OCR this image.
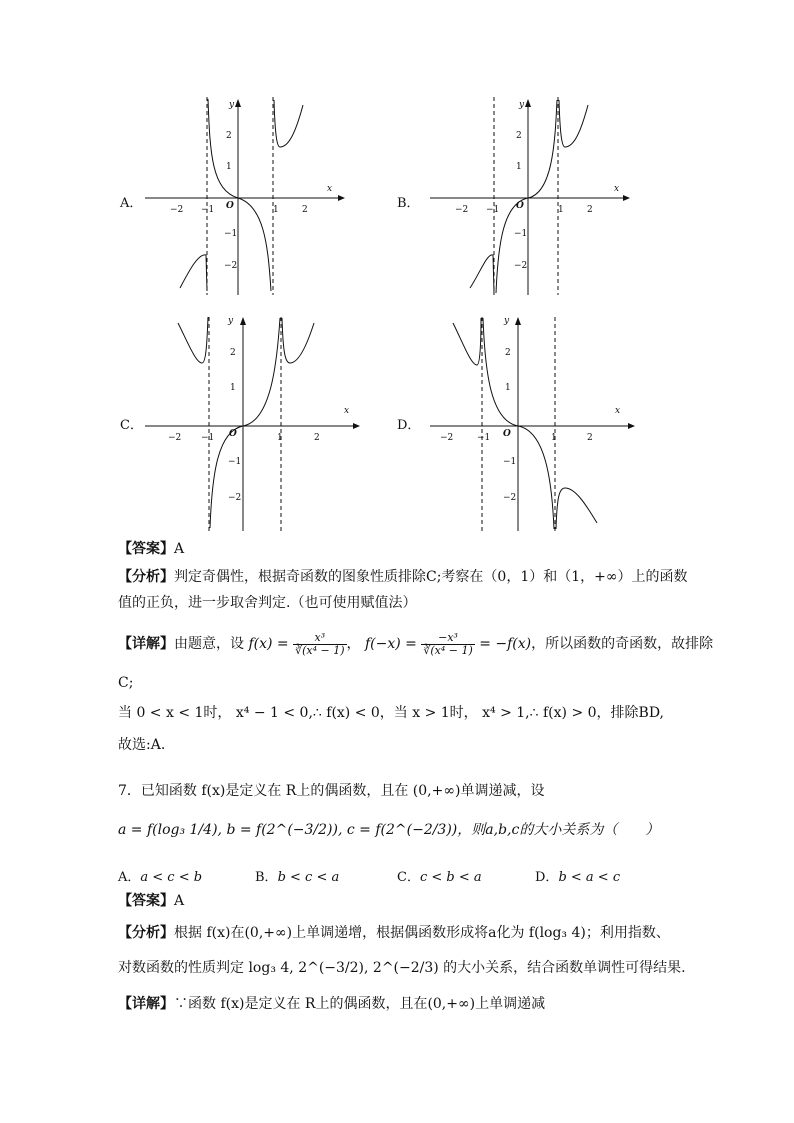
A．	B．
C．	D．
x
y
O
−2 −1	1	2
2
1
−1
−2
x
y
O
−2 −1	1	2
2
1
−1
−2
x
y
O
−2 −1	1	2
2
1
−1
−2
x
y
O
−2	−1	1	2
2
1
−1
−2
【答案】A
【分析】判定奇偶性，根据奇函数的图象性质排除C;考察在（0，1）和（1，+∞）上的函数
值的正负，进一步取舍判定.（也可使用赋值法）
【详解】由题意，设 $f(x) = \frac{\text{x³}}{\text{∛(x⁴ − 1)}}$ ， $f(-x) = \frac{\text{−x³}}{\text{∛(x⁴ − 1)}} = -f(x)$，所以函数的奇函数，故排除
C;
当 0 < x < 1时， x⁴ − 1 < 0,∴ f(x) < 0，当 x > 1时， x⁴ > 1,∴ f(x) > 0，排除BD,
故选:A.
7．已知函数 f(x)是定义在 R上的偶函数，且在 (0,+∞)单调递减，设
a = f(log₃ 1/4), b = f(2^(−3/2)), c = f(2^(−2/3))，则a,b,c的大小关系为（　　）
A．a < c < b	B．b < c < a	C．c < b < a	D．b < a < c
【答案】A
【分析】根据 f(x)在(0,+∞)上单调递增，根据偶函数形成将a化为 f(log₃ 4)；利用指数、
对数函数的性质判定 log₃ 4, 2^(−3/2), 2^(−2/3) 的大小关系，结合函数单调性可得结果.
【详解】∵函数 f(x)是定义在 R上的偶函数，且在(0,+∞)上单调递减
